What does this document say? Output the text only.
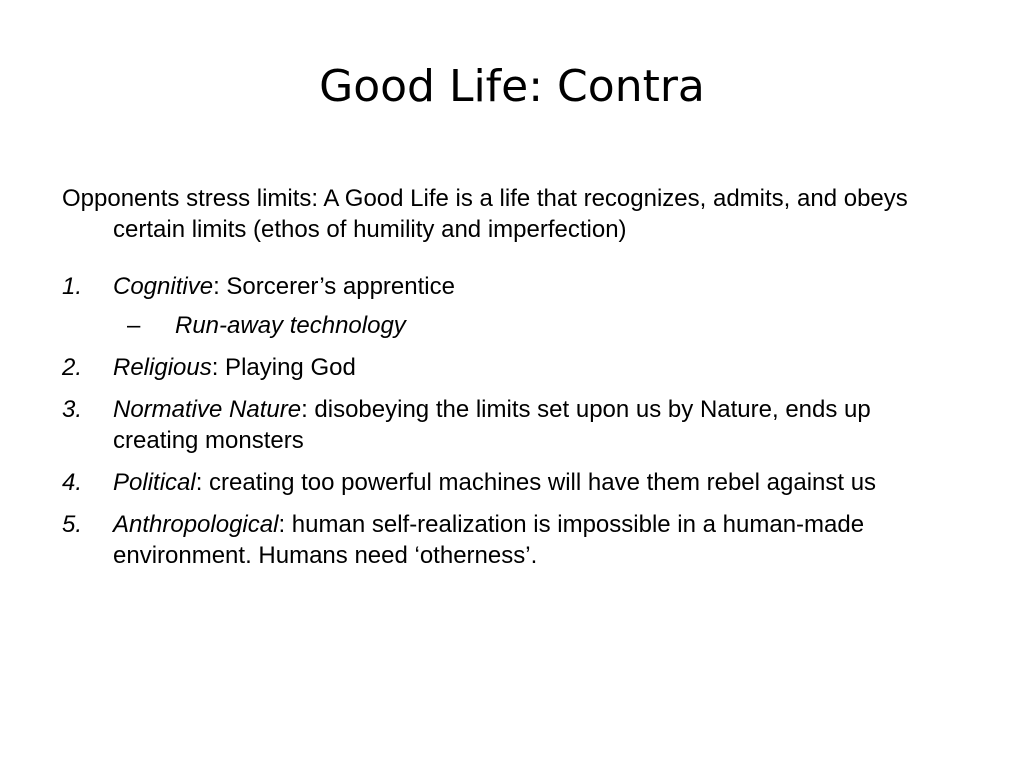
Good Life: Contra

Opponents stress limits: A Good Life is a life that recognizes, admits, and obeys certain limits (ethos of humility and imperfection)

1. Cognitive: Sorcerer’s apprentice
– Run-away technology
2. Religious: Playing God
3. Normative Nature: disobeying the limits set upon us by Nature, ends up creating monsters
4. Political: creating too powerful machines will have them rebel against us
5. Anthropological: human self-realization is impossible in a human-made environment. Humans need ‘otherness’.
